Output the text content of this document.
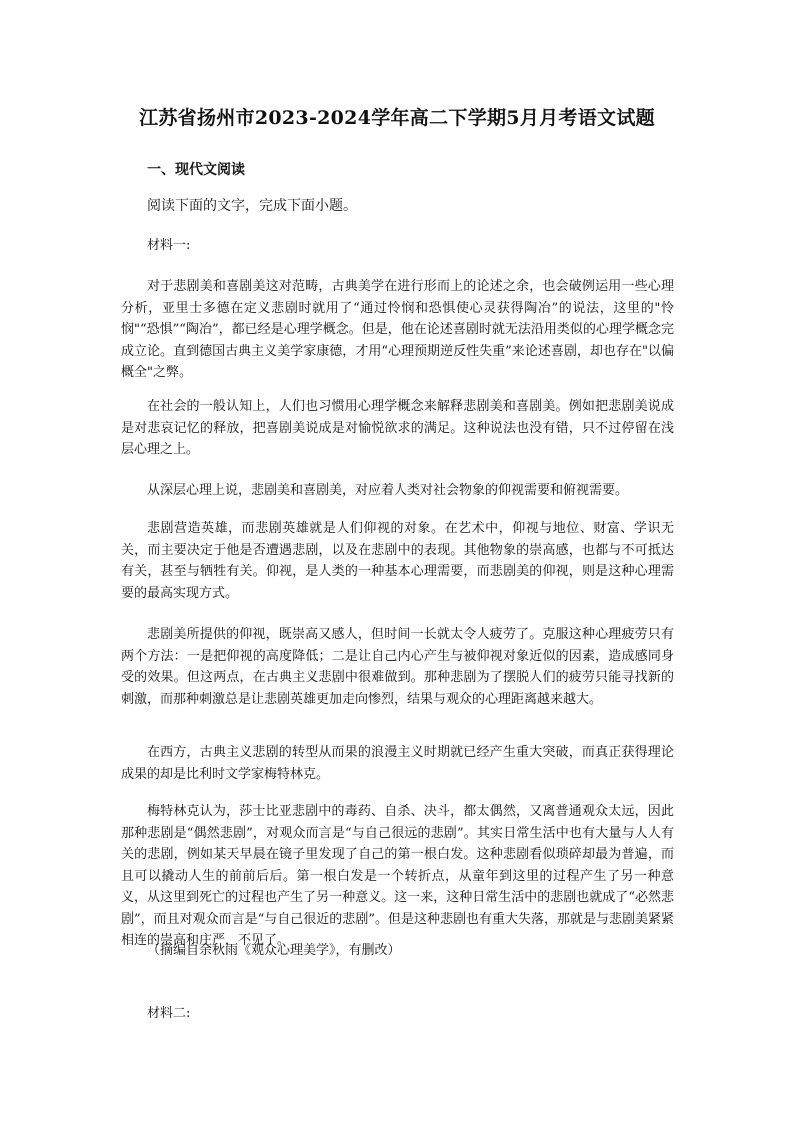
江苏省扬州市2023-2024学年高二下学期5月月考语文试题
一、现代文阅读
阅读下面的文字，完成下面小题。
材料一:

对于悲剧美和喜剧美这对范畴，古典美学在进行形而上的论述之余，也会破例运用一些心理分析，亚里士多德在定义悲剧时就用了“通过怜悯和恐惧使心灵获得陶冶”的说法，这里的"怜悯"“恐惧”“陶冶”，都已经是心理学概念。但是，他在论述喜剧时就无法沿用类似的心理学概念完成立论。直到德国古典主义美学家康德，才用“心理预期逆反性失重”来论述喜剧，却也存在"以偏概全"之弊。

在社会的一般认知上，人们也习惯用心理学概念来解释悲剧美和喜剧美。例如把悲剧美说成是对悲哀记忆的释放，把喜剧美说成是对愉悦欲求的满足。这种说法也没有错，只不过停留在浅层心理之上。

从深层心理上说，悲剧美和喜剧美，对应着人类对社会物象的仰视需要和俯视需要。

悲剧营造英雄，而悲剧英雄就是人们仰视的对象。在艺术中，仰视与地位、财富、学识无关，而主要决定于他是否遭遇悲剧，以及在悲剧中的表现。其他物象的崇高感，也都与不可抵达有关，甚至与牺牲有关。仰视，是人类的一种基本心理需要，而悲剧美的仰视，则是这种心理需要的最高实现方式。

悲剧美所提供的仰视，既崇高又感人，但时间一长就太令人疲劳了。克服这种心理疲劳只有两个方法：一是把仰视的高度降低；二是让自己内心产生与被仰视对象近似的因素，造成感同身受的效果。但这两点，在古典主义悲剧中很难做到。那种悲剧为了摆脱人们的疲劳只能寻找新的刺激，而那种刺激总是让悲剧英雄更加走向惨烈，结果与观众的心理距离越来越大。

在西方，古典主义悲剧的转型从而果的浪漫主义时期就已经产生重大突破，而真正获得理论成果的却是比利时文学家梅特林克。

梅特林克认为，莎士比亚悲剧中的毒药、自杀、决斗，都太偶然，又离普通观众太远，因此那种悲剧是“偶然悲剧”，对观众而言是“与自己很远的悲剧”。其实日常生活中也有大量与人人有关的悲剧，例如某天早晨在镜子里发现了自己的第一根白发。这种悲剧看似琐碎却最为普遍，而且可以撬动人生的前前后后。第一根白发是一个转折点，从童年到这里的过程产生了另一种意义，从这里到死亡的过程也产生了另一种意义。这一来，这种日常生活中的悲剧也就成了“必然悲剧”，而且对观众而言是“与自己很近的悲剧”。但是这种悲剧也有重大失落，那就是与悲剧美紧紧相连的崇高和庄严，不见了。

（摘编自余秋雨《观众心理美学》，有删改）
材料二:
